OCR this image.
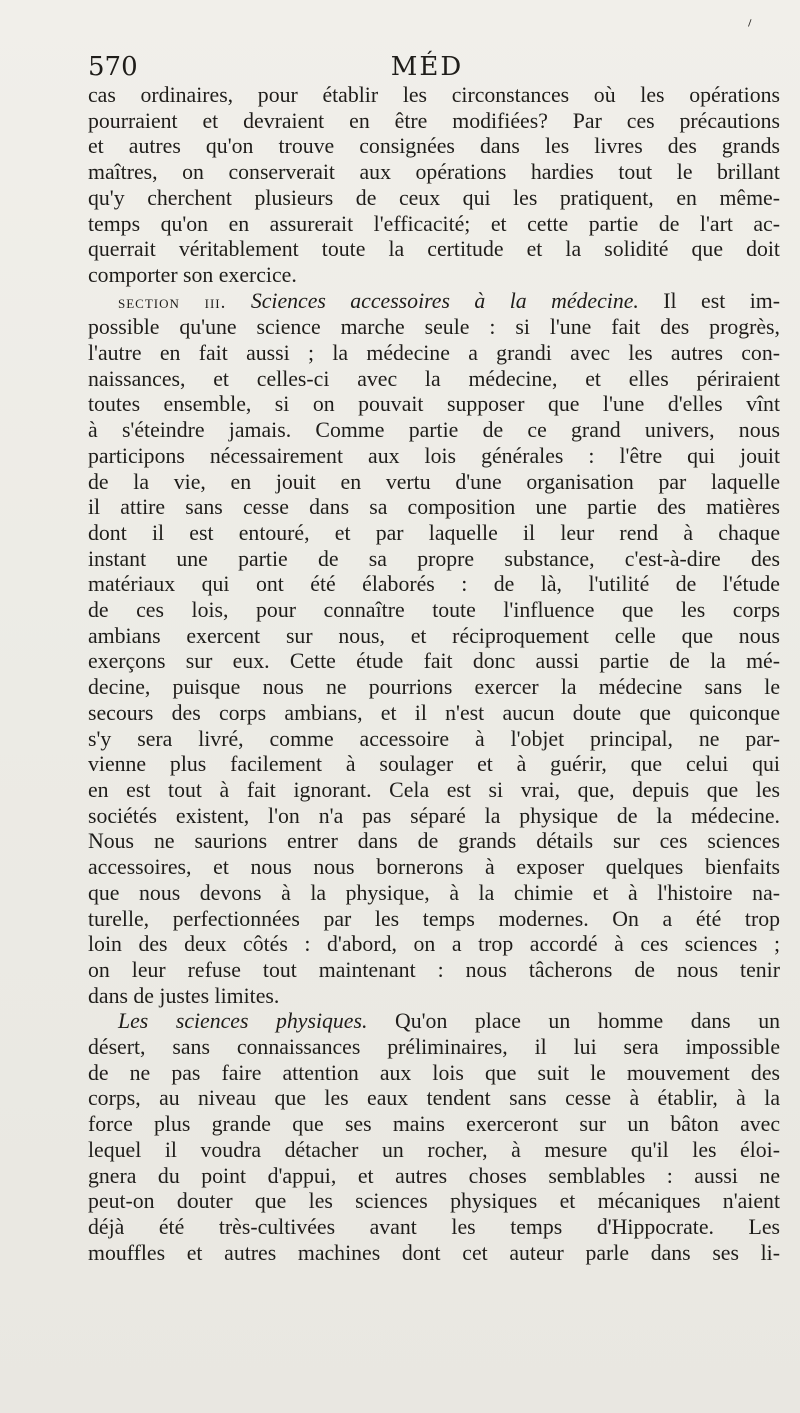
570	MÉD
⸝

cas ordinaires, pour établir les circonstances où les opérations
pourraient et devraient en être modifiées? Par ces précautions
et autres qu'on trouve consignées dans les livres des grands
maîtres, on conserverait aux opérations hardies tout le brillant
qu'y cherchent plusieurs de ceux qui les pratiquent, en même-
temps qu'on en assurerait l'efficacité; et cette partie de l'art ac-
querrait véritablement toute la certitude et la solidité que doit
comporter son exercice.

section iii. Sciences accessoires à la médecine. Il est im-
possible qu'une science marche seule : si l'une fait des progrès,
l'autre en fait aussi ; la médecine a grandi avec les autres con-
naissances, et celles-ci avec la médecine, et elles périraient
toutes ensemble, si on pouvait supposer que l'une d'elles vînt
à s'éteindre jamais. Comme partie de ce grand univers, nous
participons nécessairement aux lois générales : l'être qui jouit
de la vie, en jouit en vertu d'une organisation par laquelle
il attire sans cesse dans sa composition une partie des matières
dont il est entouré, et par laquelle il leur rend à chaque
instant une partie de sa propre substance, c'est-à-dire des
matériaux qui ont été élaborés : de là, l'utilité de l'étude
de ces lois, pour connaître toute l'influence que les corps
ambians exercent sur nous, et réciproquement celle que nous
exerçons sur eux. Cette étude fait donc aussi partie de la mé-
decine, puisque nous ne pourrions exercer la médecine sans le
secours des corps ambians, et il n'est aucun doute que quiconque
s'y sera livré, comme accessoire à l'objet principal, ne par-
vienne plus facilement à soulager et à guérir, que celui qui
en est tout à fait ignorant. Cela est si vrai, que, depuis que les
sociétés existent, l'on n'a pas séparé la physique de la médecine.
Nous ne saurions entrer dans de grands détails sur ces sciences
accessoires, et nous nous bornerons à exposer quelques bienfaits
que nous devons à la physique, à la chimie et à l'histoire na-
turelle, perfectionnées par les temps modernes. On a été trop
loin des deux côtés : d'abord, on a trop accordé à ces sciences ;
on leur refuse tout maintenant : nous tâcherons de nous tenir
dans de justes limites.

Les sciences physiques. Qu'on place un homme dans un
désert, sans connaissances préliminaires, il lui sera impossible
de ne pas faire attention aux lois que suit le mouvement des
corps, au niveau que les eaux tendent sans cesse à établir, à la
force plus grande que ses mains exerceront sur un bâton avec
lequel il voudra détacher un rocher, à mesure qu'il les éloi-
gnera du point d'appui, et autres choses semblables : aussi ne
peut-on douter que les sciences physiques et mécaniques n'aient
déjà été très-cultivées avant les temps d'Hippocrate. Les
mouffles et autres machines dont cet auteur parle dans ses li-
